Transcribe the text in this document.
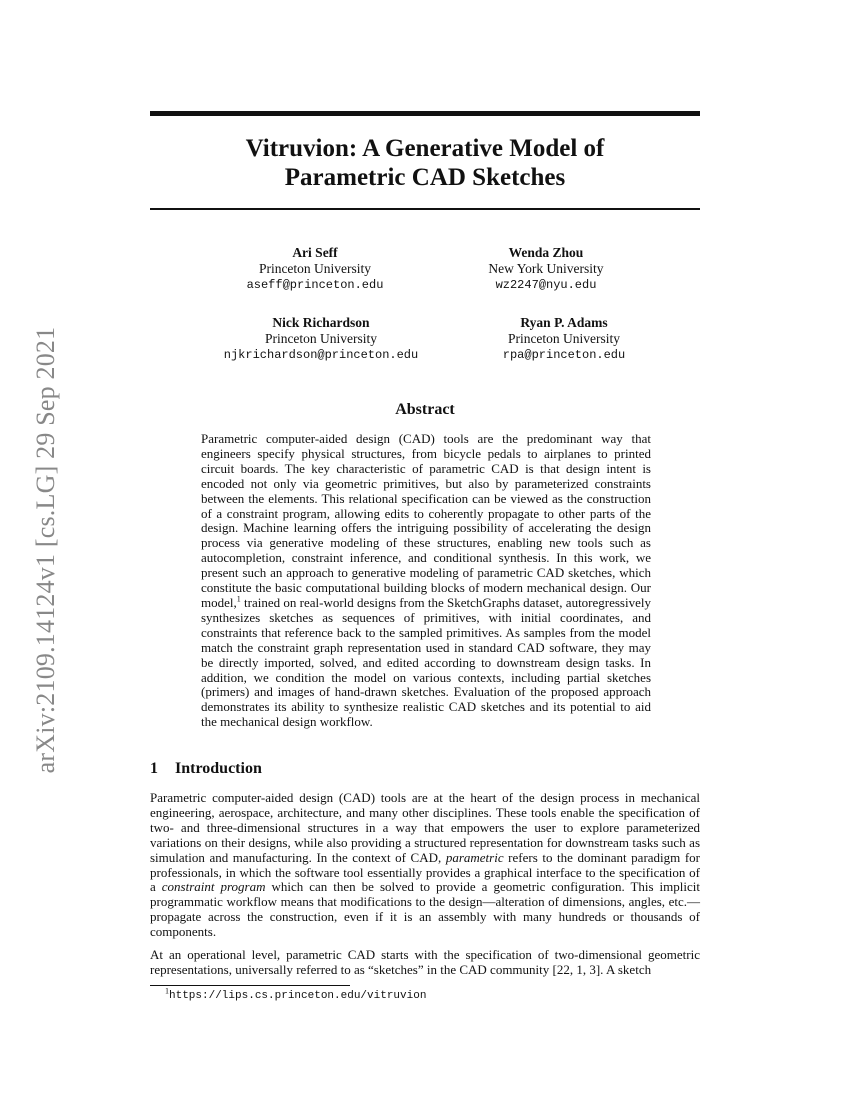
arXiv:2109.14124v1 [cs.LG] 29 Sep 2021
Vitruvion: A Generative Model of
Parametric CAD Sketches
Ari Seff
Princeton University
aseff@princeton.edu
Wenda Zhou
New York University
wz2247@nyu.edu
Nick Richardson
Princeton University
njkrichardson@princeton.edu
Ryan P. Adams
Princeton University
rpa@princeton.edu
Abstract

Parametric computer-aided design (CAD) tools are the predominant way that engineers specify physical structures, from bicycle pedals to airplanes to printed circuit boards. The key characteristic of parametric CAD is that design intent is encoded not only via geometric primitives, but also by parameterized constraints between the elements. This relational specification can be viewed as the construction of a constraint program, allowing edits to coherently propagate to other parts of the design. Machine learning offers the intriguing possibility of accelerating the design process via generative modeling of these structures, enabling new tools such as autocompletion, constraint inference, and conditional synthesis. In this work, we present such an approach to generative modeling of parametric CAD sketches, which constitute the basic computational building blocks of modern mechanical design. Our model,$^1$ trained on real-world designs from the SketchGraphs dataset, autoregressively synthesizes sketches as sequences of primitives, with initial coordinates, and constraints that reference back to the sampled primitives. As samples from the model match the constraint graph representation used in standard CAD software, they may be directly imported, solved, and edited according to downstream design tasks. In addition, we condition the model on various contexts, including partial sketches (primers) and images of hand-drawn sketches. Evaluation of the proposed approach demonstrates its ability to synthesize realistic CAD sketches and its potential to aid the mechanical design workflow.

1 Introduction

Parametric computer-aided design (CAD) tools are at the heart of the design process in mechanical engineering, aerospace, architecture, and many other disciplines. These tools enable the specification of two- and three-dimensional structures in a way that empowers the user to explore parameterized variations on their designs, while also providing a structured representation for downstream tasks such as simulation and manufacturing. In the context of CAD, parametric refers to the dominant paradigm for professionals, in which the software tool essentially provides a graphical interface to the specification of a constraint program which can then be solved to provide a geometric configuration. This implicit programmatic workflow means that modifications to the design—alteration of dimensions, angles, etc.—propagate across the construction, even if it is an assembly with many hundreds or thousands of components.

At an operational level, parametric CAD starts with the specification of two-dimensional geometric representations, universally referred to as “sketches” in the CAD community [22, 1, 3]. A sketch

$^1$https://lips.cs.princeton.edu/vitruvion
